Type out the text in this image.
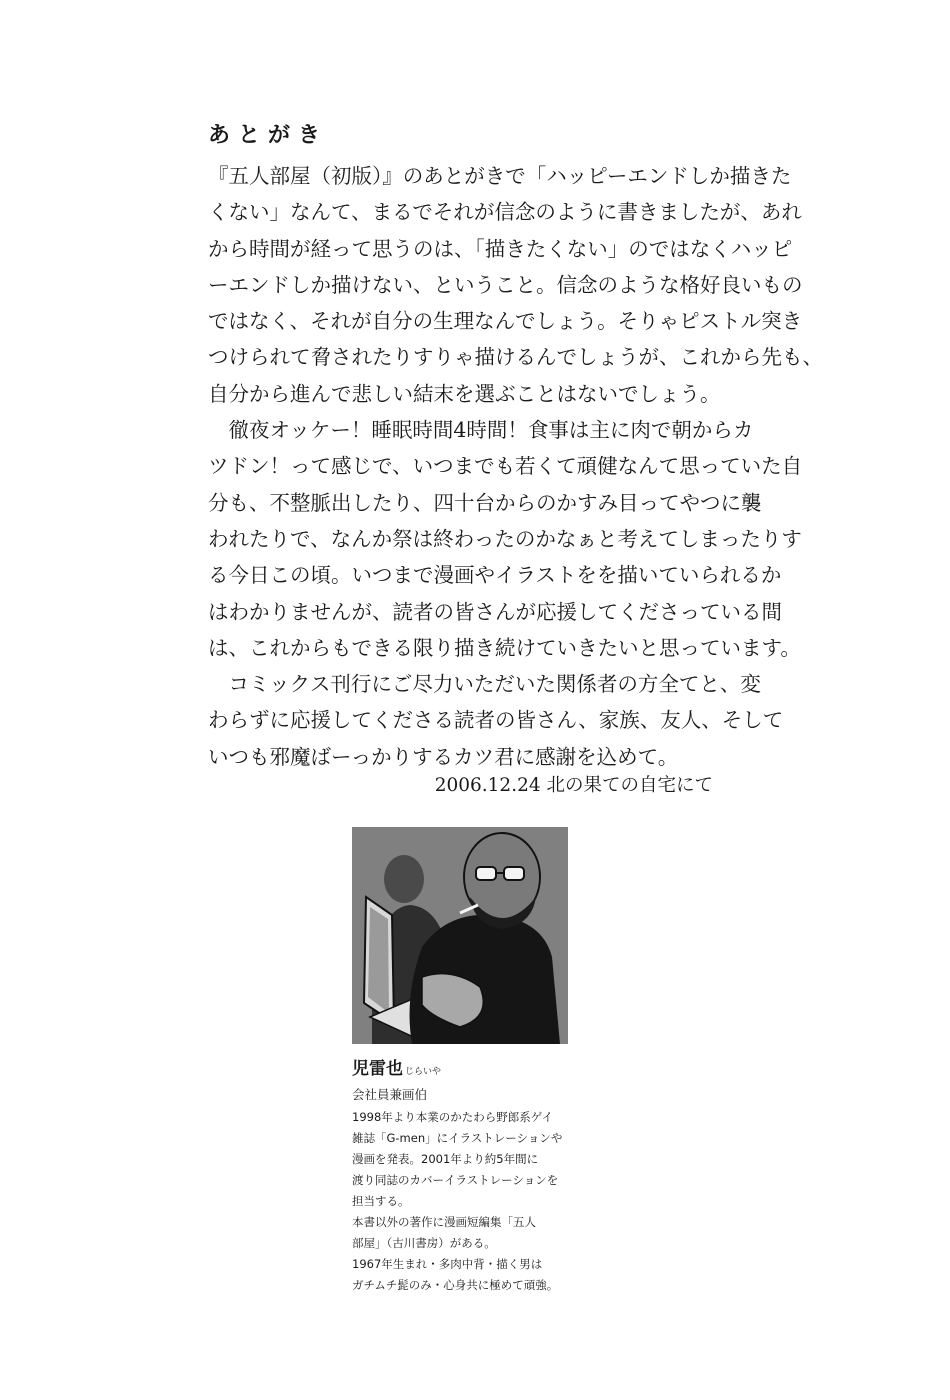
あとがき
『五人部屋（初版）』のあとがきで「ハッピーエンドしか描きた
くない」なんて、まるでそれが信念のように書きましたが、あれ
から時間が経って思うのは、「描きたくない」のではなくハッピ
ーエンドしか描けない、ということ。信念のような格好良いもの
ではなく、それが自分の生理なんでしょう。そりゃピストル突き
つけられて脅されたりすりゃ描けるんでしょうが、これから先も、
自分から進んで悲しい結末を選ぶことはないでしょう。
　徹夜オッケー！睡眠時間4時間！食事は主に肉で朝からカ
ツドン！って感じで、いつまでも若くて頑健なんて思っていた自
分も、不整脈出したり、四十台からのかすみ目ってやつに襲
われたりで、なんか祭は終わったのかなぁと考えてしまったりす
る今日この頃。いつまで漫画やイラストをを描いていられるか
はわかりませんが、読者の皆さんが応援してくださっている間
は、これからもできる限り描き続けていきたいと思っています。
　コミックス刊行にご尽力いただいた関係者の方全てと、変
わらずに応援してくださる読者の皆さん、家族、友人、そして
いつも邪魔ばーっかりするカツ君に感謝を込めて。
2006.12.24 北の果ての自宅にて
児雷也 じらいや
会社員兼画伯
1998年より本業のかたわら野郎系ゲイ
雑誌「G-men」にイラストレーションや
漫画を発表。2001年より約5年間に
渡り同誌のカバーイラストレーションを
担当する。
本書以外の著作に漫画短編集「五人
部屋」（古川書房）がある。
1967年生まれ・多肉中背・描く男は
ガチムチ髭のみ・心身共に極めて頑強。
